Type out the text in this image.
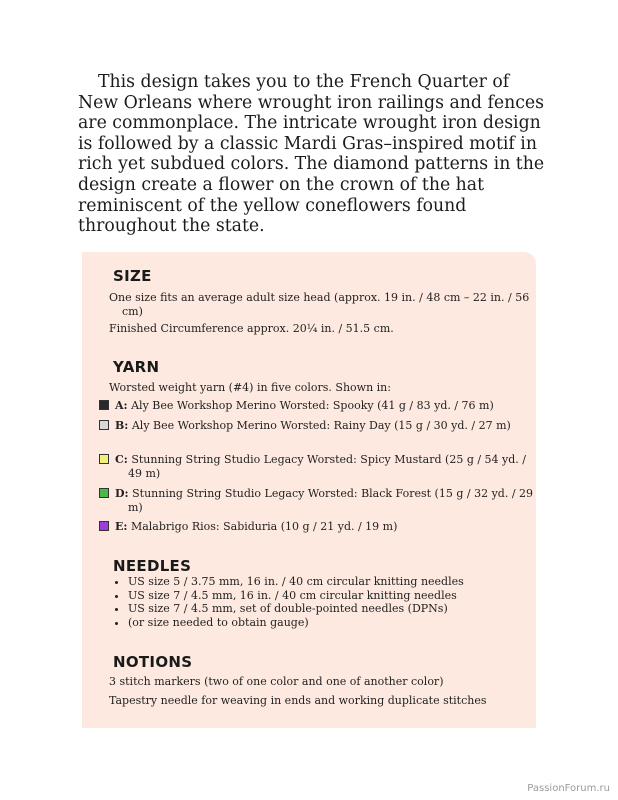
This design takes you to the French Quarter of New Orleans where wrought iron railings and fences are commonplace. The intricate wrought iron design is followed by a classic Mardi Gras–inspired motif in rich yet subdued colors. The diamond patterns in the design create a flower on the crown of the hat reminiscent of the yellow coneflowers found throughout the state.

SIZE

One size fits an average adult size head (approx. 19 in. / 48 cm – 22 in. / 56 cm)

Finished Circumference approx. 20¼ in. / 51.5 cm.

YARN

Worsted weight yarn (#4) in five colors. Shown in:

A: Aly Bee Workshop Merino Worsted: Spooky (41 g / 83 yd. / 76 m)

B: Aly Bee Workshop Merino Worsted: Rainy Day (15 g / 30 yd. / 27 m)

C: Stunning String Studio Legacy Worsted: Spicy Mustard (25 g / 54 yd. / 49 m)

D: Stunning String Studio Legacy Worsted: Black Forest (15 g / 32 yd. / 29 m)

E: Malabrigo Rios: Sabiduria (10 g / 21 yd. / 19 m)

NEEDLES
• US size 5 / 3.75 mm, 16 in. / 40 cm circular knitting needles
• US size 7 / 4.5 mm, 16 in. / 40 cm circular knitting needles
• US size 7 / 4.5 mm, set of double-pointed needles (DPNs)
• (or size needed to obtain gauge)
NOTIONS

3 stitch markers (two of one color and one of another color)

Tapestry needle for weaving in ends and working duplicate stitches

PassionForum.ru
